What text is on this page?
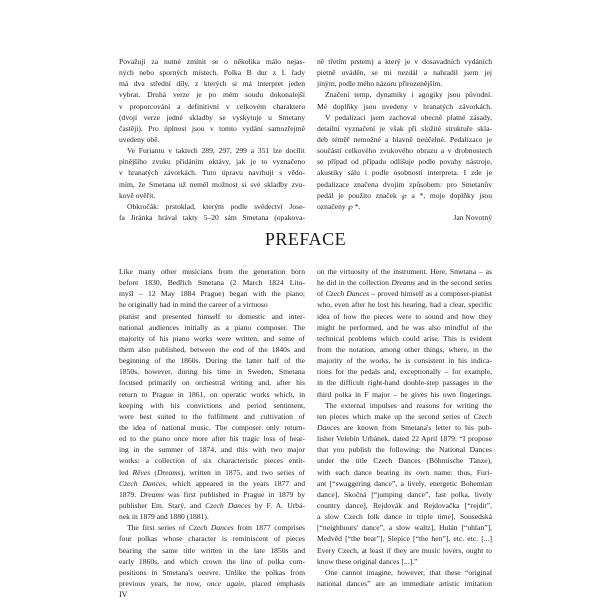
Považuji za nutné zmínit se o několika málo nejas-
ných nebo sporných místech. Polka B dur z I. řady
má dva střední díly, z kterých si má interpret jeden
vybrat. Druhá verze je po mém soudu dokonalejší
v proporcování a definitivní v celkovém charakteru
(dvojí verze jedné skladby se vyskytuje u Smetany
častěji). Pro úplnost jsou v tomto vydání samozřejmě
uvedeny obě.
Ve Furiantu v taktech 289, 297, 299 a 351 lze docílit
plnějšího zvuku přidáním oktávy, jak je to vyznačeno
v hranatých závorkách. Tuto úpravu navrhuji s vědo-
mím, že Smetana už neměl možnost si své skladby zvu-
kově ověřit.
Obkročák: prstoklad, kterým podle svědectví Jose-
fa Jiránka hrával takty 5–20 sám Smetana (opakova-
ně třetím prstem) a který je v dosavadních vydáních
pietně uváděn, se mi nezdál a nahradil jsem jej
jiným, podle mého názoru přirozenějším.
Značení temp, dynamiky i agogiky jsou původní.
Mé doplňky jsou uvedeny v hranatých závorkách.
V pedalizaci jsem zachoval obecně platné zásady,
detailní vyznačení je však při složité struktuře skla-
deb téměř nemožné a hlavně neúčelné. Pedalizace je
součástí celkového zvukového obrazu a v drobnostech
se případ od případu odlišuje podle povahy nástroje,
akustiky sálu i podle osobnosti interpreta. I zde je
pedalizace značena dvojím způsobem: pro Smetanův
pedál je použito značek ℘ a *, moje doplňky jsou
označeny ℘ *.
Jan Novotný
PREFACE
Like many other musicians from the generation born
before 1830, Bedřich Smetana (2 March 1824 Lito-
myšl – 12 May 1884 Prague) began with the piano;
he originally had in mind the career of a virtuoso
pianist and presented himself to domestic and inter-
national audiences initially as a piano composer. The
majority of his piano works were written, and some of
them also published, between the end of the 1840s and
beginning of the 1860s. During the latter half of the
1850s, however, during his time in Sweden, Smetana
focused primarily on orchestral writing and, after his
return to Prague in 1861, on operatic works which, in
keeping with his convictions and period sentiment,
were best suited to the fulfilment and cultivation of
the idea of national music. The composer only return-
ed to the piano once more after his tragic loss of hear-
ing in the summer of 1874, and this with two major
works: a collection of six characteristic pieces entit-
led Rêves (Dreams), written in 1875, and two series of
Czech Dances, which appeared in the years 1877 and
1879. Dreams was first published in Prague in 1879 by
publisher Em. Starý, and Czech Dances by F. A. Urbá-
nek in 1879 and 1880 (1881).
The first series of Czech Dances from 1877 comprises
four polkas whose character is reminiscent of pieces
bearing the same title written in the late 1850s and
early 1860s, and which crown the line of polka com-
positions in Smetana's oeuvre. Unlike the polkas from
previous years, he now, once again, placed emphasis
on the virtuosity of the instrument. Here, Smetana – as
he did in the collection Dreams and in the second series
of Czech Dances – proved himself as a composer-pianist
who, even after he lost his hearing, had a clear, specific
idea of how the pieces were to sound and how they
might be performed, and he was also mindful of the
technical problems which could arise. This is evident
from the notation, among other things, where, in the
majority of the works, he is consistent in his indica-
tions for the pedals and, exceptionally – for example,
in the difficult right-hand double-step passages in the
third polka in F major – he gives his own fingerings.
The external impulses and reasons for writing the
ten pieces which make up the second series of Czech
Dances are known from Smetana's letter to his pub-
lisher Velebín Urbánek, dated 22 April 1879: “I propose
that you publish the following: the National Dances
under the title Czech Dances (Böhmische Tänze),
with each dance bearing its own name: thus, Furi-
ant [“swaggering dance”, a lively, energetic Bohemian
dance], Skočná [“jumping dance”, fast polka, lively
country dance], Rejdovák and Rejdovačka [“rejdit”,
a slow Czech folk dance in triple time], Sousedská
[“neighbours' dance”, a slow waltz], Hulán [“uhlan”],
Medvěd [“the bear”], Slepice [“the hen”], etc. etc. [...]
Every Czech, at least if they are music lovers, ought to
know these original dances [...].”
One cannot imagine, however, that these “original
national dances” are an immediate artistic imitation
IV
